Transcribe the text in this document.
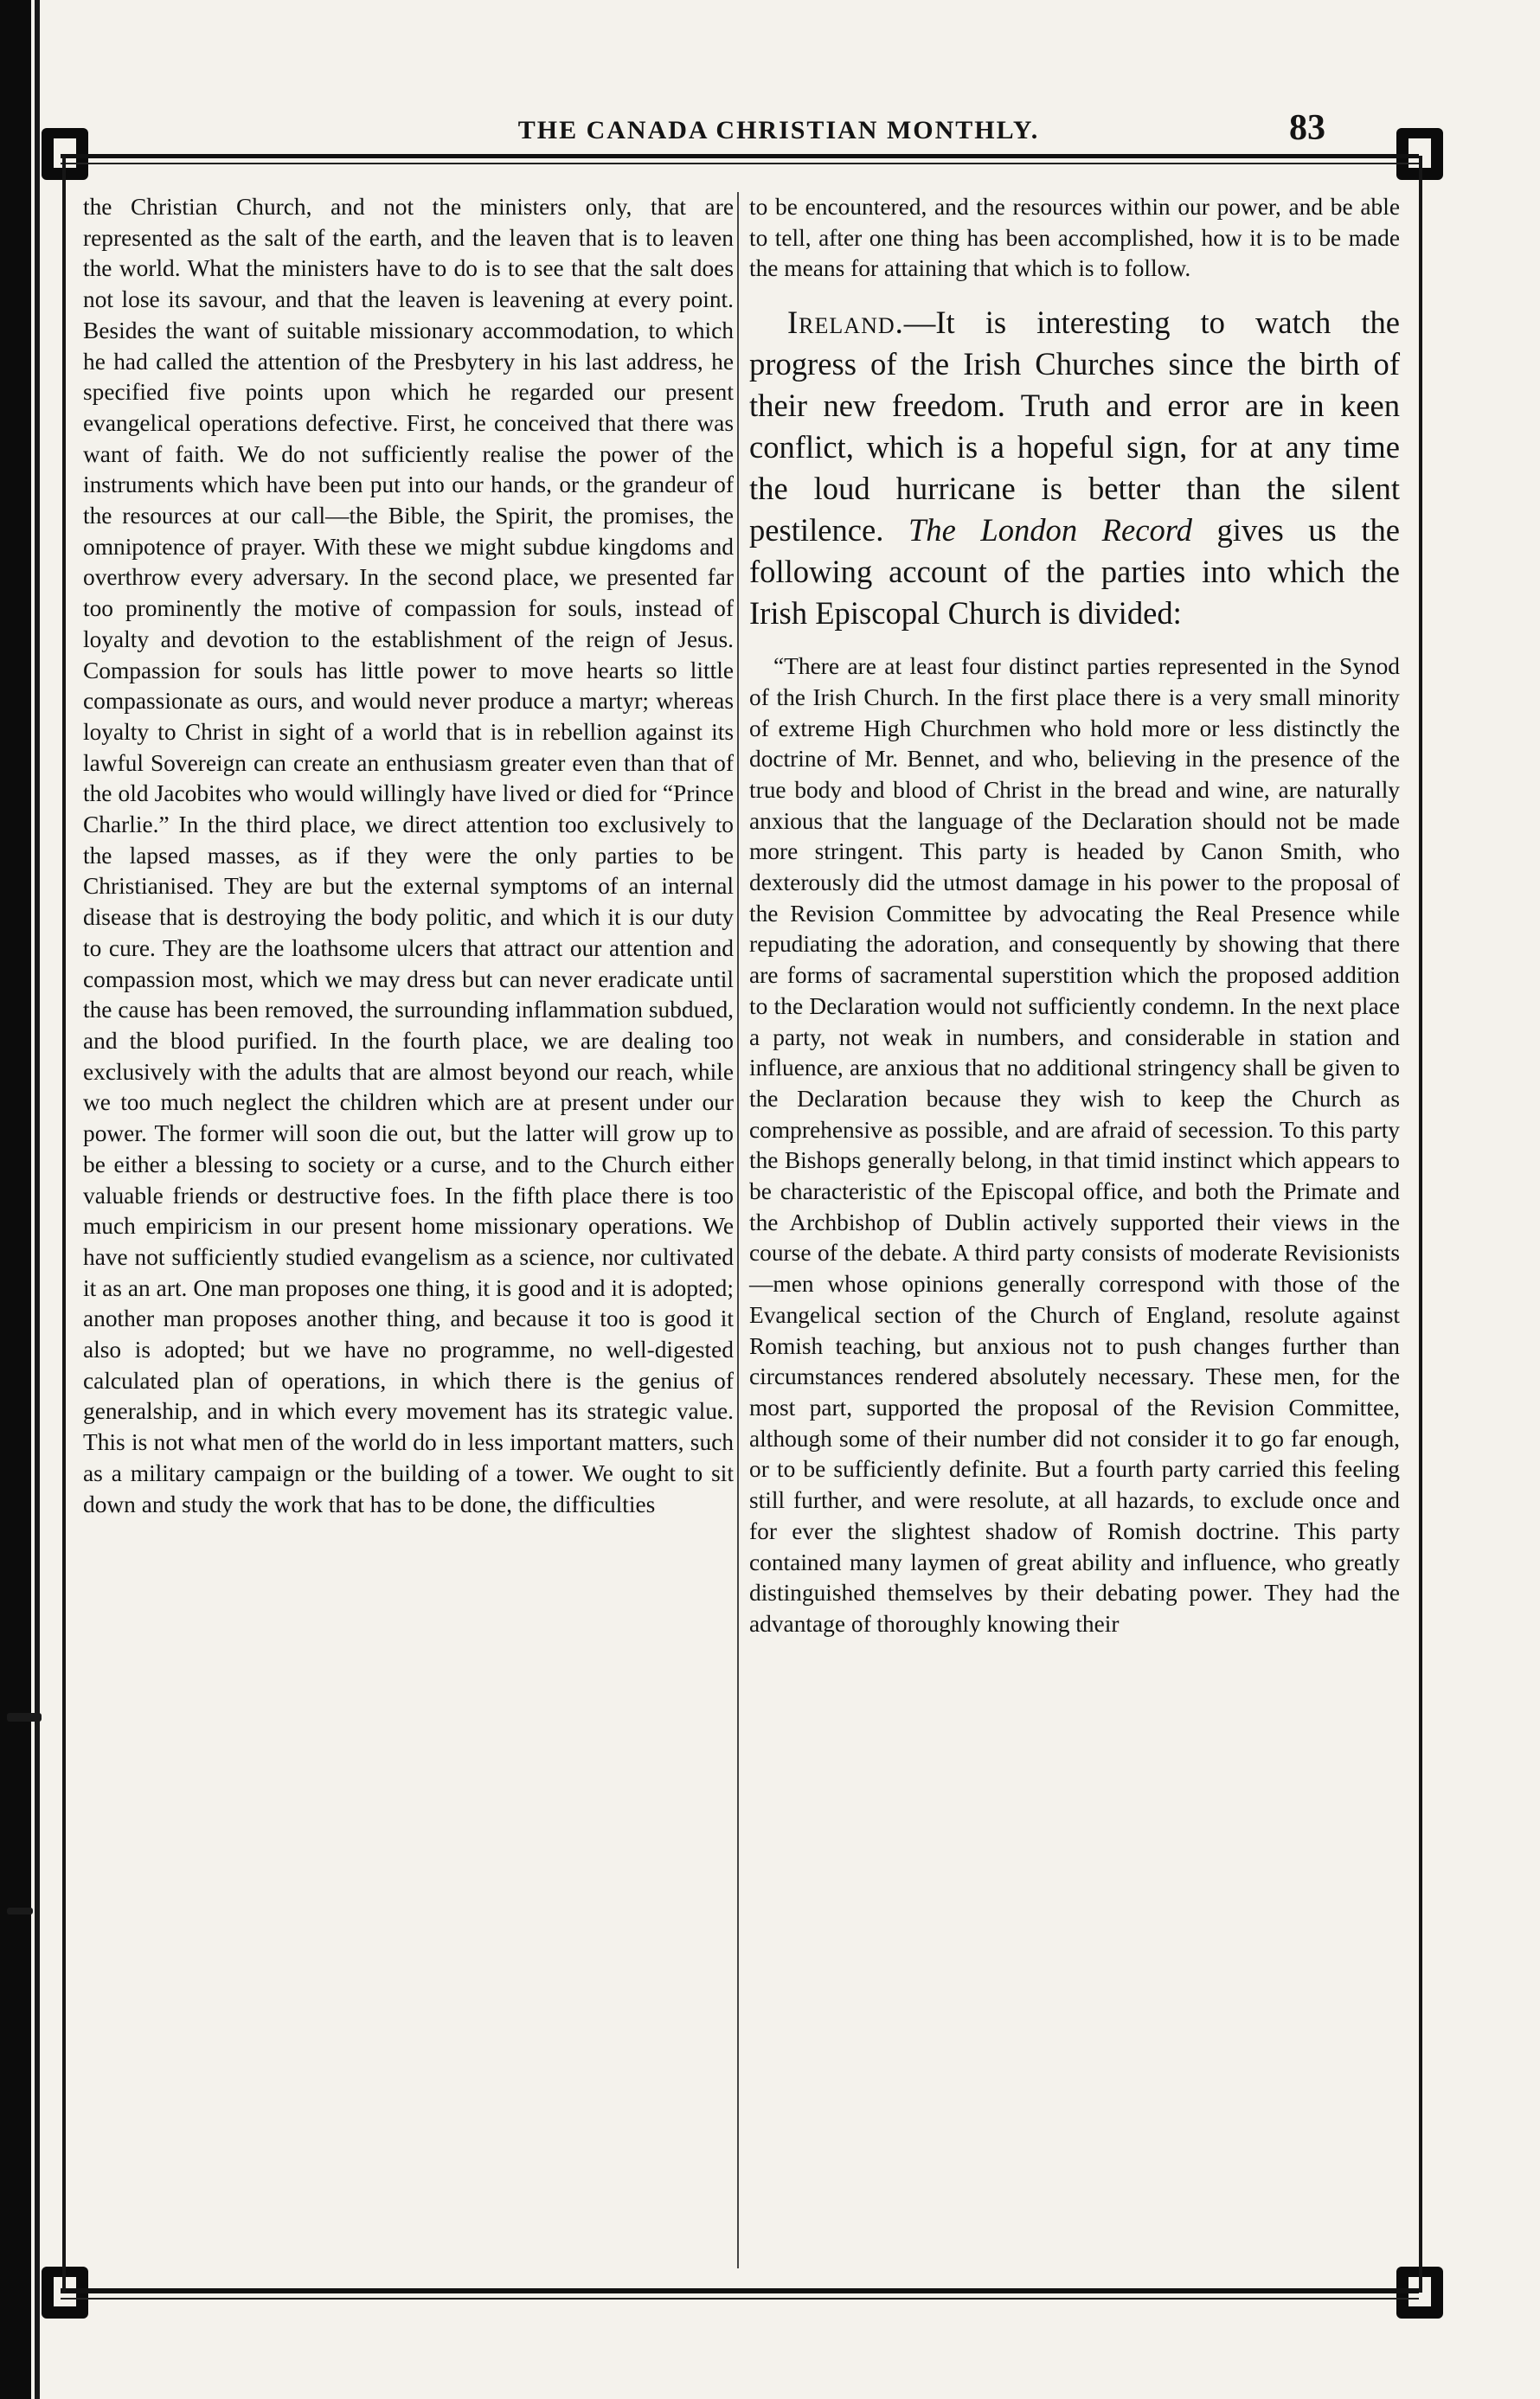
THE CANADA CHRISTIAN MONTHLY.	83

the Christian Church, and not the ministers only, that are represented as the salt of the earth, and the leaven that is to leaven the world. What the ministers have to do is to see that the salt does not lose its savour, and that the leaven is leavening at every point. Besides the want of suitable missionary accommodation, to which he had called the attention of the Presbytery in his last address, he specified five points upon which he regarded our present evangelical operations defective. First, he conceived that there was want of faith. We do not sufficiently realise the power of the instruments which have been put into our hands, or the grandeur of the resources at our call—the Bible, the Spirit, the promises, the omnipotence of prayer. With these we might subdue kingdoms and overthrow every adversary. In the second place, we presented far too prominently the motive of compassion for souls, instead of loyalty and devotion to the establishment of the reign of Jesus. Compassion for souls has little power to move hearts so little compassionate as ours, and would never produce a martyr; whereas loyalty to Christ in sight of a world that is in rebellion against its lawful Sovereign can create an enthusiasm greater even than that of the old Jacobites who would willingly have lived or died for “Prince Charlie.” In the third place, we direct attention too exclusively to the lapsed masses, as if they were the only parties to be Christianised. They are but the external symptoms of an internal disease that is destroying the body politic, and which it is our duty to cure. They are the loathsome ulcers that attract our attention and compassion most, which we may dress but can never eradicate until the cause has been removed, the surrounding inflammation subdued, and the blood purified. In the fourth place, we are dealing too exclusively with the adults that are almost beyond our reach, while we too much neglect the children which are at present under our power. The former will soon die out, but the latter will grow up to be either a blessing to society or a curse, and to the Church either valuable friends or destructive foes. In the fifth place there is too much empiricism in our present home missionary operations. We have not sufficiently studied evangelism as a science, nor cultivated it as an art. One man proposes one thing, it is good and it is adopted; another man proposes another thing, and because it too is good it also is adopted; but we have no programme, no well-digested calculated plan of operations, in which there is the genius of generalship, and in which every movement has its strategic value. This is not what men of the world do in less important matters, such as a military campaign or the building of a tower. We ought to sit down and study the work that has to be done, the difficulties

to be encountered, and the resources within our power, and be able to tell, after one thing has been accomplished, how it is to be made the means for attaining that which is to follow.

Ireland.—It is interesting to watch the progress of the Irish Churches since the birth of their new freedom. Truth and error are in keen conflict, which is a hopeful sign, for at any time the loud hurricane is better than the silent pestilence. The London Record gives us the following account of the parties into which the Irish Episcopal Church is divided:

“There are at least four distinct parties represented in the Synod of the Irish Church. In the first place there is a very small minority of extreme High Churchmen who hold more or less distinctly the doctrine of Mr. Bennet, and who, believing in the presence of the true body and blood of Christ in the bread and wine, are naturally anxious that the language of the Declaration should not be made more stringent. This party is headed by Canon Smith, who dexterously did the utmost damage in his power to the proposal of the Revision Committee by advocating the Real Presence while repudiating the adoration, and consequently by showing that there are forms of sacramental superstition which the proposed addition to the Declaration would not sufficiently condemn. In the next place a party, not weak in numbers, and considerable in station and influence, are anxious that no additional stringency shall be given to the Declaration because they wish to keep the Church as comprehensive as possible, and are afraid of secession. To this party the Bishops generally belong, in that timid instinct which appears to be characteristic of the Episcopal office, and both the Primate and the Archbishop of Dublin actively supported their views in the course of the debate. A third party consists of moderate Revisionists—men whose opinions generally correspond with those of the Evangelical section of the Church of England, resolute against Romish teaching, but anxious not to push changes further than circumstances rendered absolutely necessary. These men, for the most part, supported the proposal of the Revision Committee, although some of their number did not consider it to go far enough, or to be sufficiently definite. But a fourth party carried this feeling still further, and were resolute, at all hazards, to exclude once and for ever the slightest shadow of Romish doctrine. This party contained many laymen of great ability and influence, who greatly distinguished themselves by their debating power. They had the advantage of thoroughly knowing their
